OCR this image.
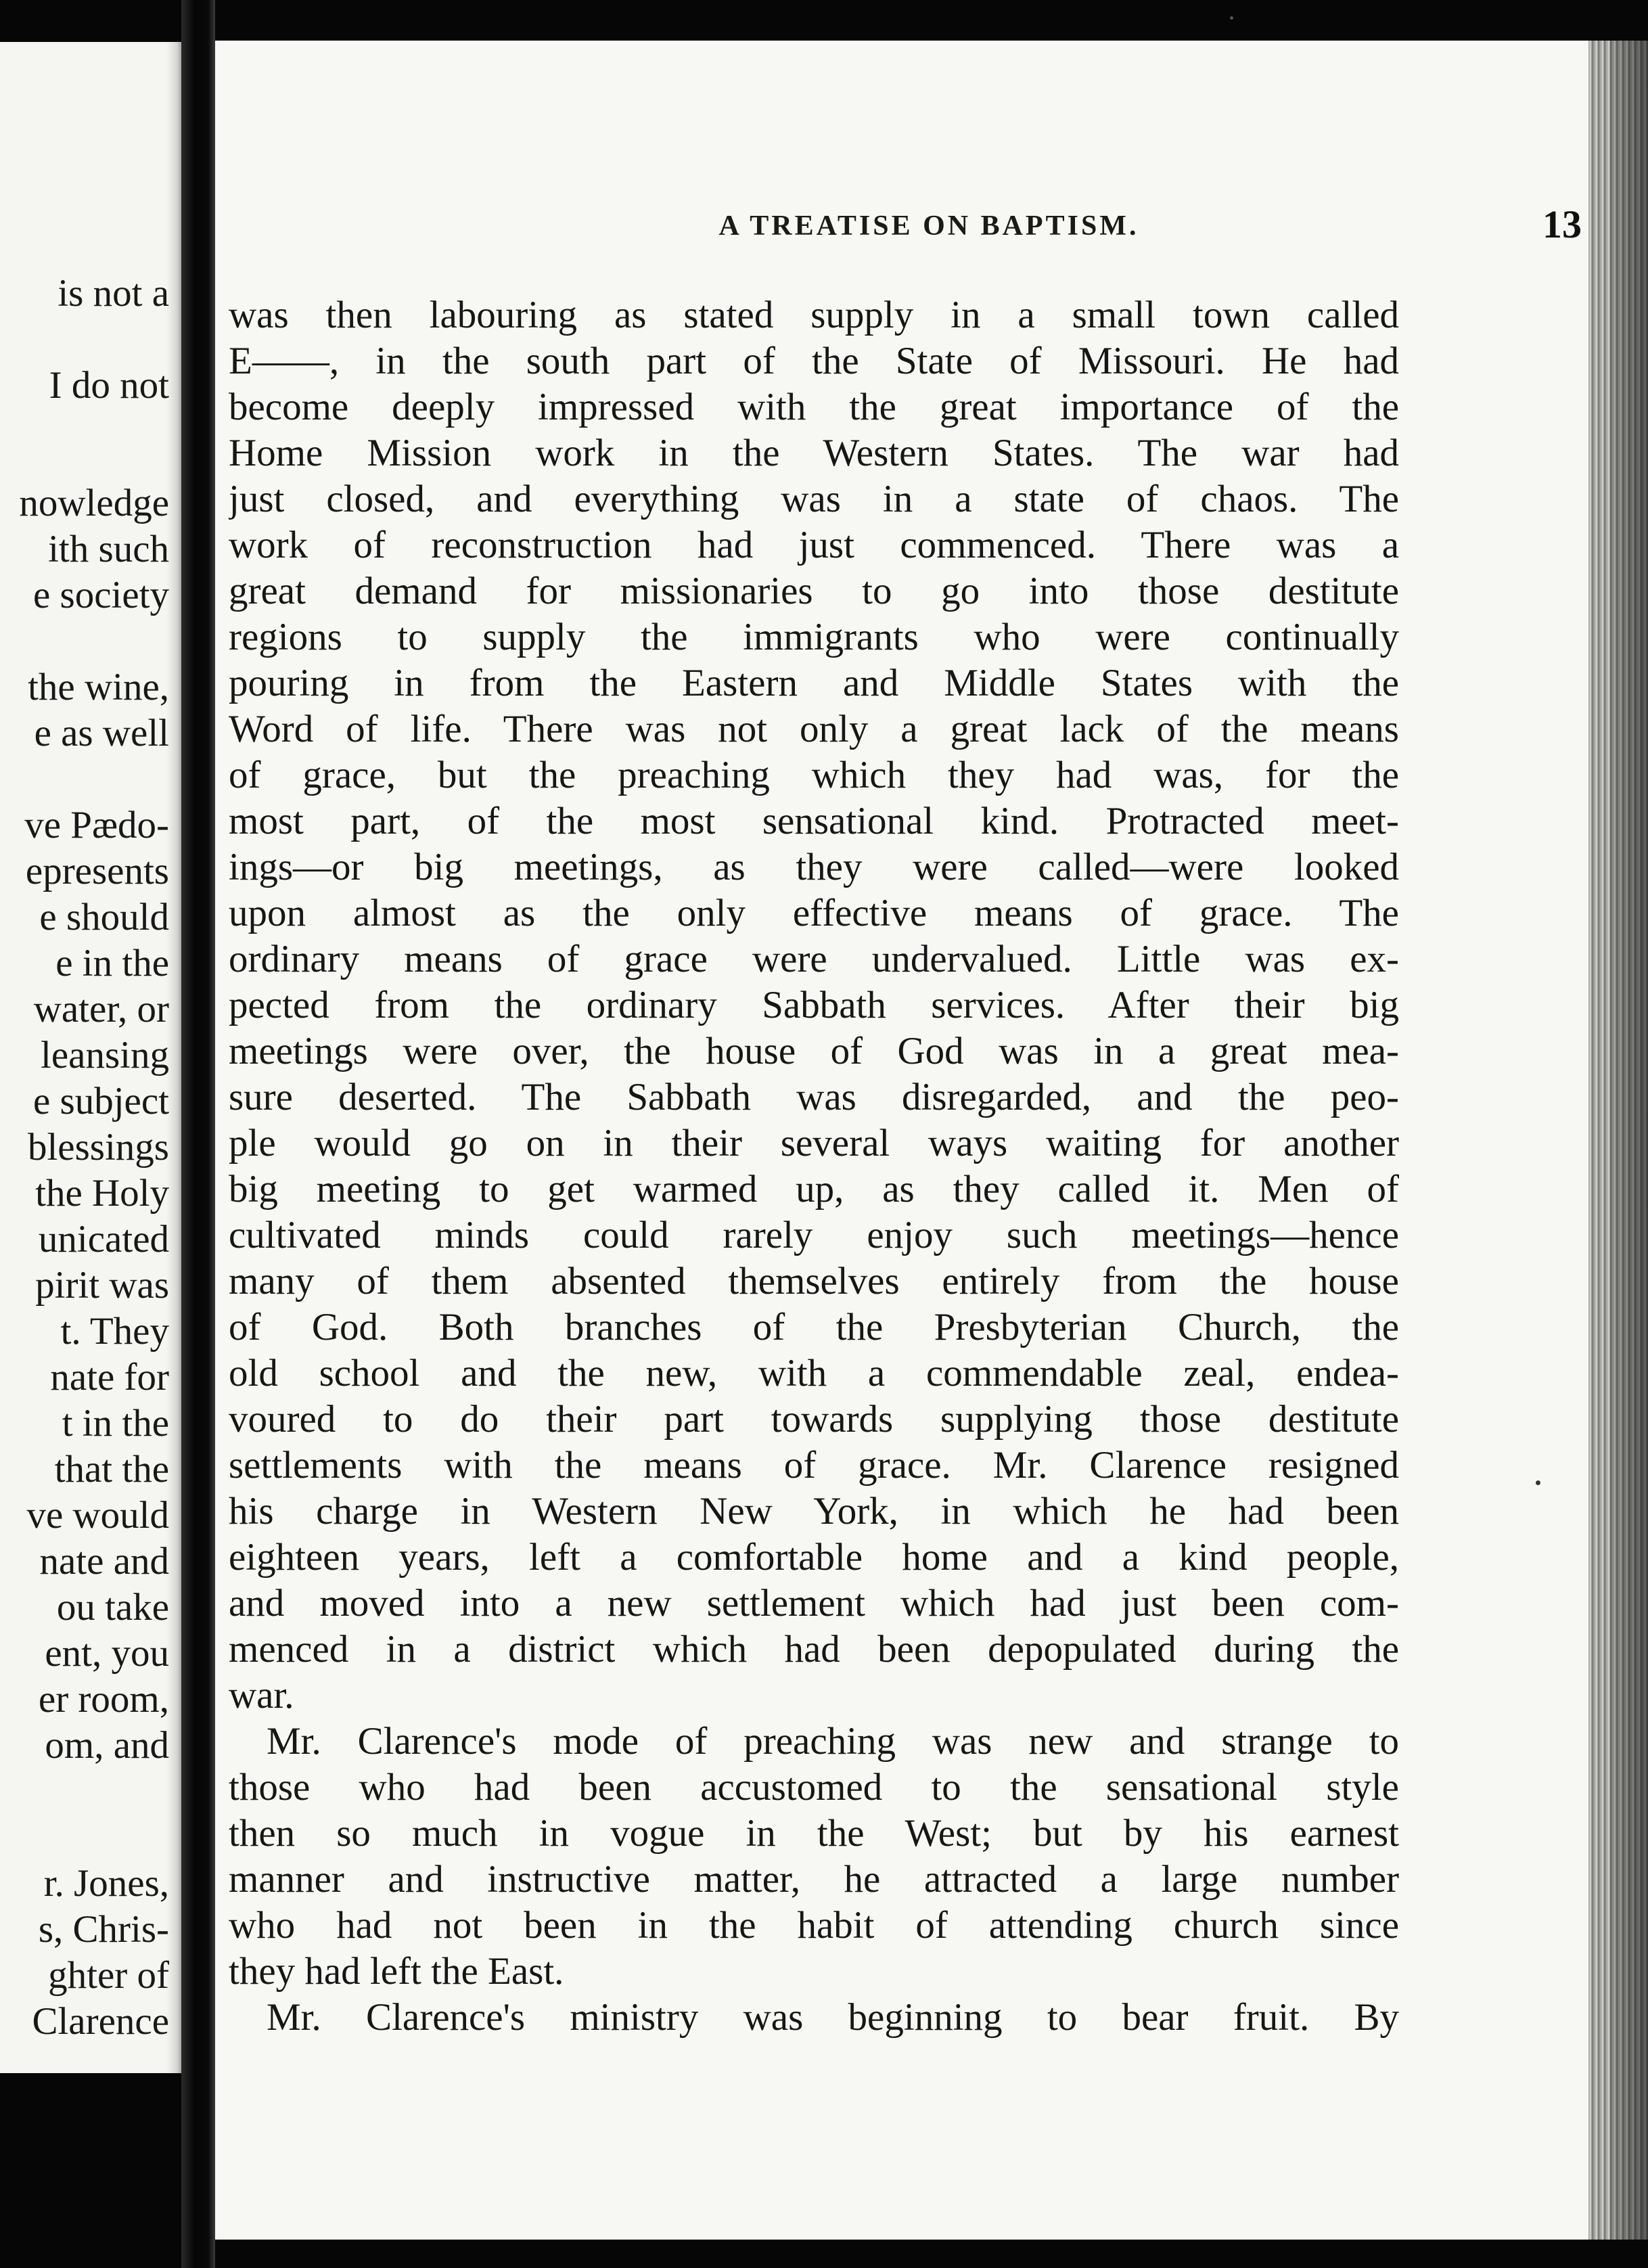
is not a
I do not
nowledge
ith such
e society
the wine,
e as well
ve Pædo-
epresents
e should
e in the
water, or
leansing
e subject
blessings
the Holy
unicated
pirit was
t. They
nate for
t in the
that the
ve would
nate and
ou take
ent, you
er room,
om, and
r. Jones,
s, Chris-
ghter of
Clarence
A TREATISE ON BAPTISM.	13
was then labouring as stated supply in a small town called
E——, in the south part of the State of Missouri. He had
become deeply impressed with the great importance of the
Home Mission work in the Western States. The war had
just closed, and everything was in a state of chaos. The
work of reconstruction had just commenced. There was a
great demand for missionaries to go into those destitute
regions to supply the immigrants who were continually
pouring in from the Eastern and Middle States with the
Word of life. There was not only a great lack of the means
of grace, but the preaching which they had was, for the
most part, of the most sensational kind. Protracted meet-
ings—or big meetings, as they were called—were looked
upon almost as the only effective means of grace. The
ordinary means of grace were undervalued. Little was ex-
pected from the ordinary Sabbath services. After their big
meetings were over, the house of God was in a great mea-
sure deserted. The Sabbath was disregarded, and the peo-
ple would go on in their several ways waiting for another
big meeting to get warmed up, as they called it. Men of
cultivated minds could rarely enjoy such meetings—hence
many of them absented themselves entirely from the house
of God. Both branches of the Presbyterian Church, the
old school and the new, with a commendable zeal, endea-
voured to do their part towards supplying those destitute
settlements with the means of grace. Mr. Clarence resigned
his charge in Western New York, in which he had been
eighteen years, left a comfortable home and a kind people,
and moved into a new settlement which had just been com-
menced in a district which had been depopulated during the
war.
Mr. Clarence's mode of preaching was new and strange to
those who had been accustomed to the sensational style
then so much in vogue in the West; but by his earnest
manner and instructive matter, he attracted a large number
who had not been in the habit of attending church since
they had left the East.
Mr. Clarence's ministry was beginning to bear fruit. By
